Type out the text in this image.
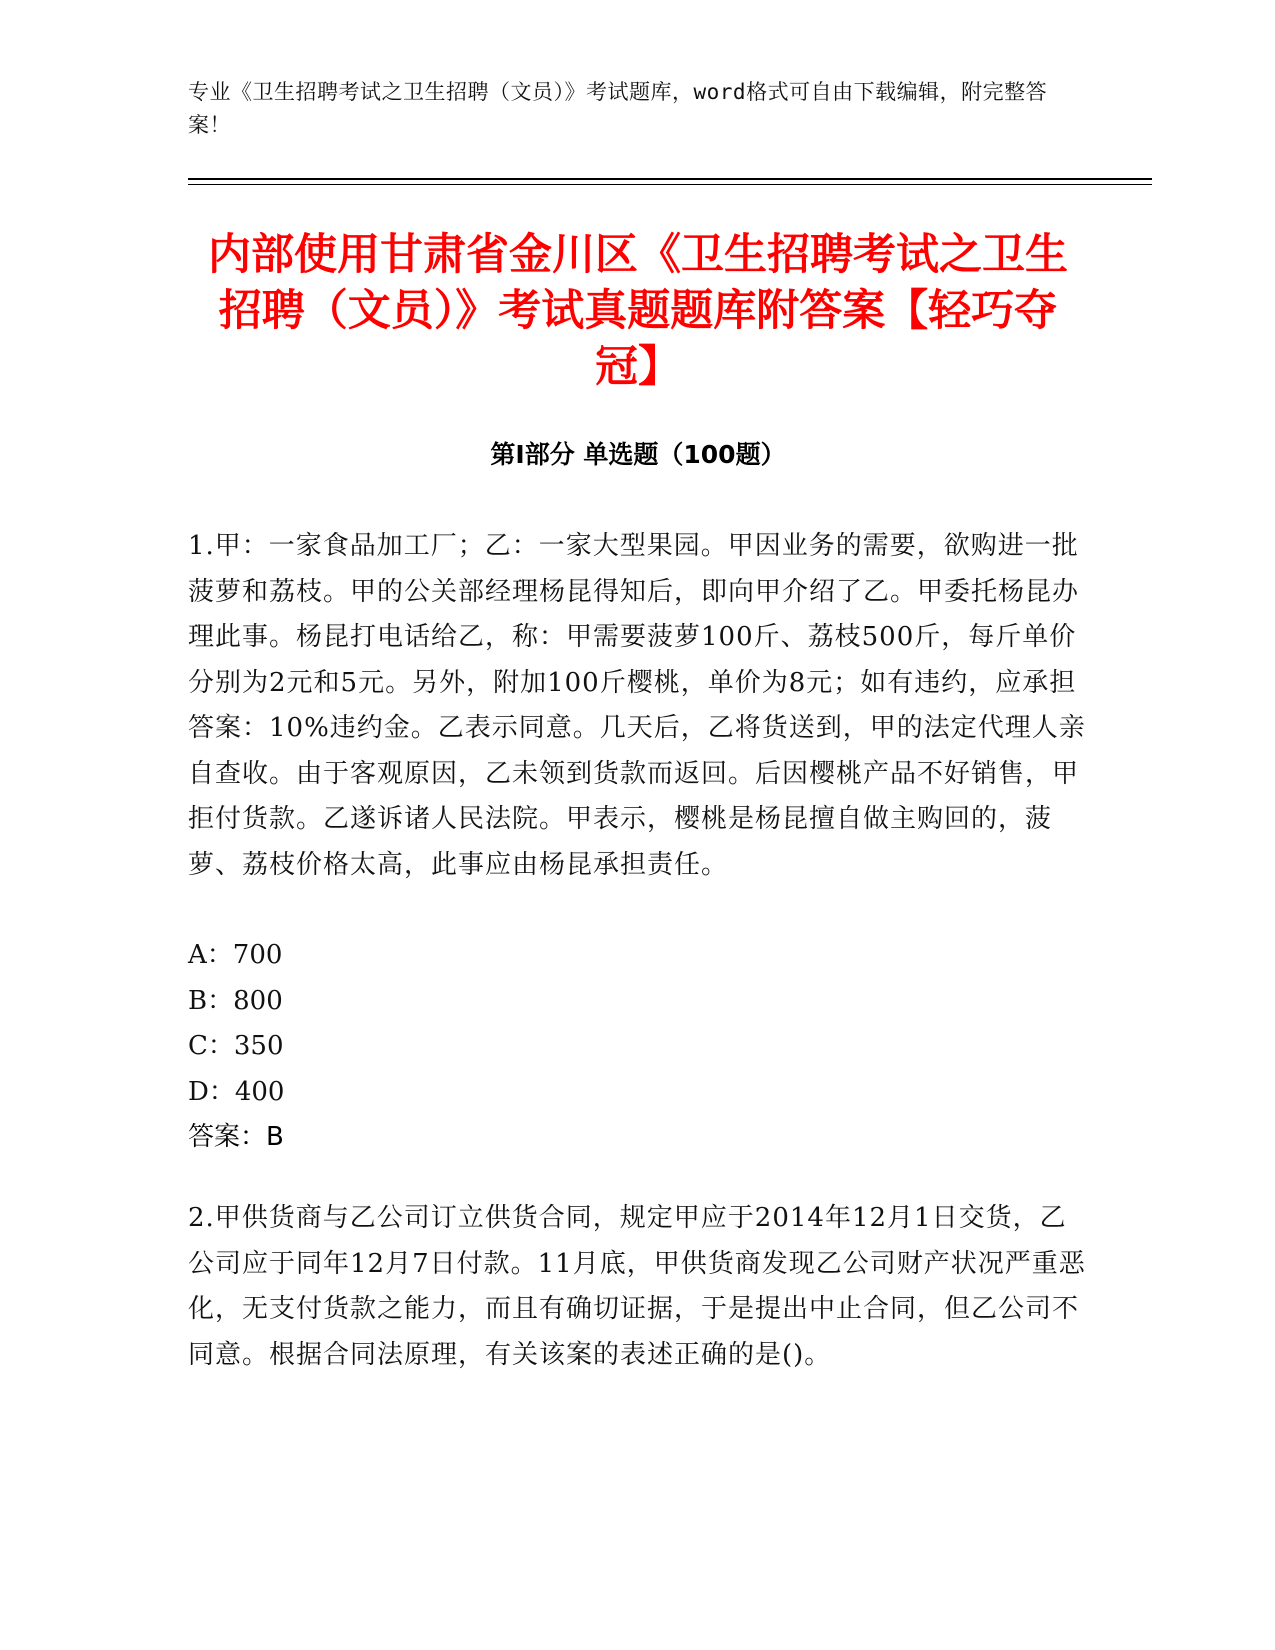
专业《卫生招聘考试之卫生招聘（文员）》考试题库，word格式可自由下载编辑，附完整答案！
内部使用甘肃省金川区《卫生招聘考试之卫生招聘（文员）》考试真题题库附答案【轻巧夺冠】
第Ⅰ部分 单选题（100题）

1.甲：一家食品加工厂；乙：一家大型果园。甲因业务的需要，欲购进一批菠萝和荔枝。甲的公关部经理杨昆得知后，即向甲介绍了乙。甲委托杨昆办理此事。杨昆打电话给乙，称：甲需要菠萝100斤、荔枝500斤，每斤单价分别为2元和5元。另外，附加100斤樱桃，单价为8元；如有违约，应承担答案：10%违约金。乙表示同意。几天后，乙将货送到，甲的法定代理人亲自查收。由于客观原因，乙未领到货款而返回。后因樱桃产品不好销售，甲拒付货款。乙遂诉诸人民法院。甲表示，樱桃是杨昆擅自做主购回的，菠萝、荔枝价格太高，此事应由杨昆承担责任。

A：700
B：800
C：350
D：400
答案：B

2.甲供货商与乙公司订立供货合同，规定甲应于2014年12月1日交货，乙公司应于同年12月7日付款。11月底，甲供货商发现乙公司财产状况严重恶化，无支付货款之能力，而且有确切证据，于是提出中止合同，但乙公司不同意。根据合同法原理，有关该案的表述正确的是()。
